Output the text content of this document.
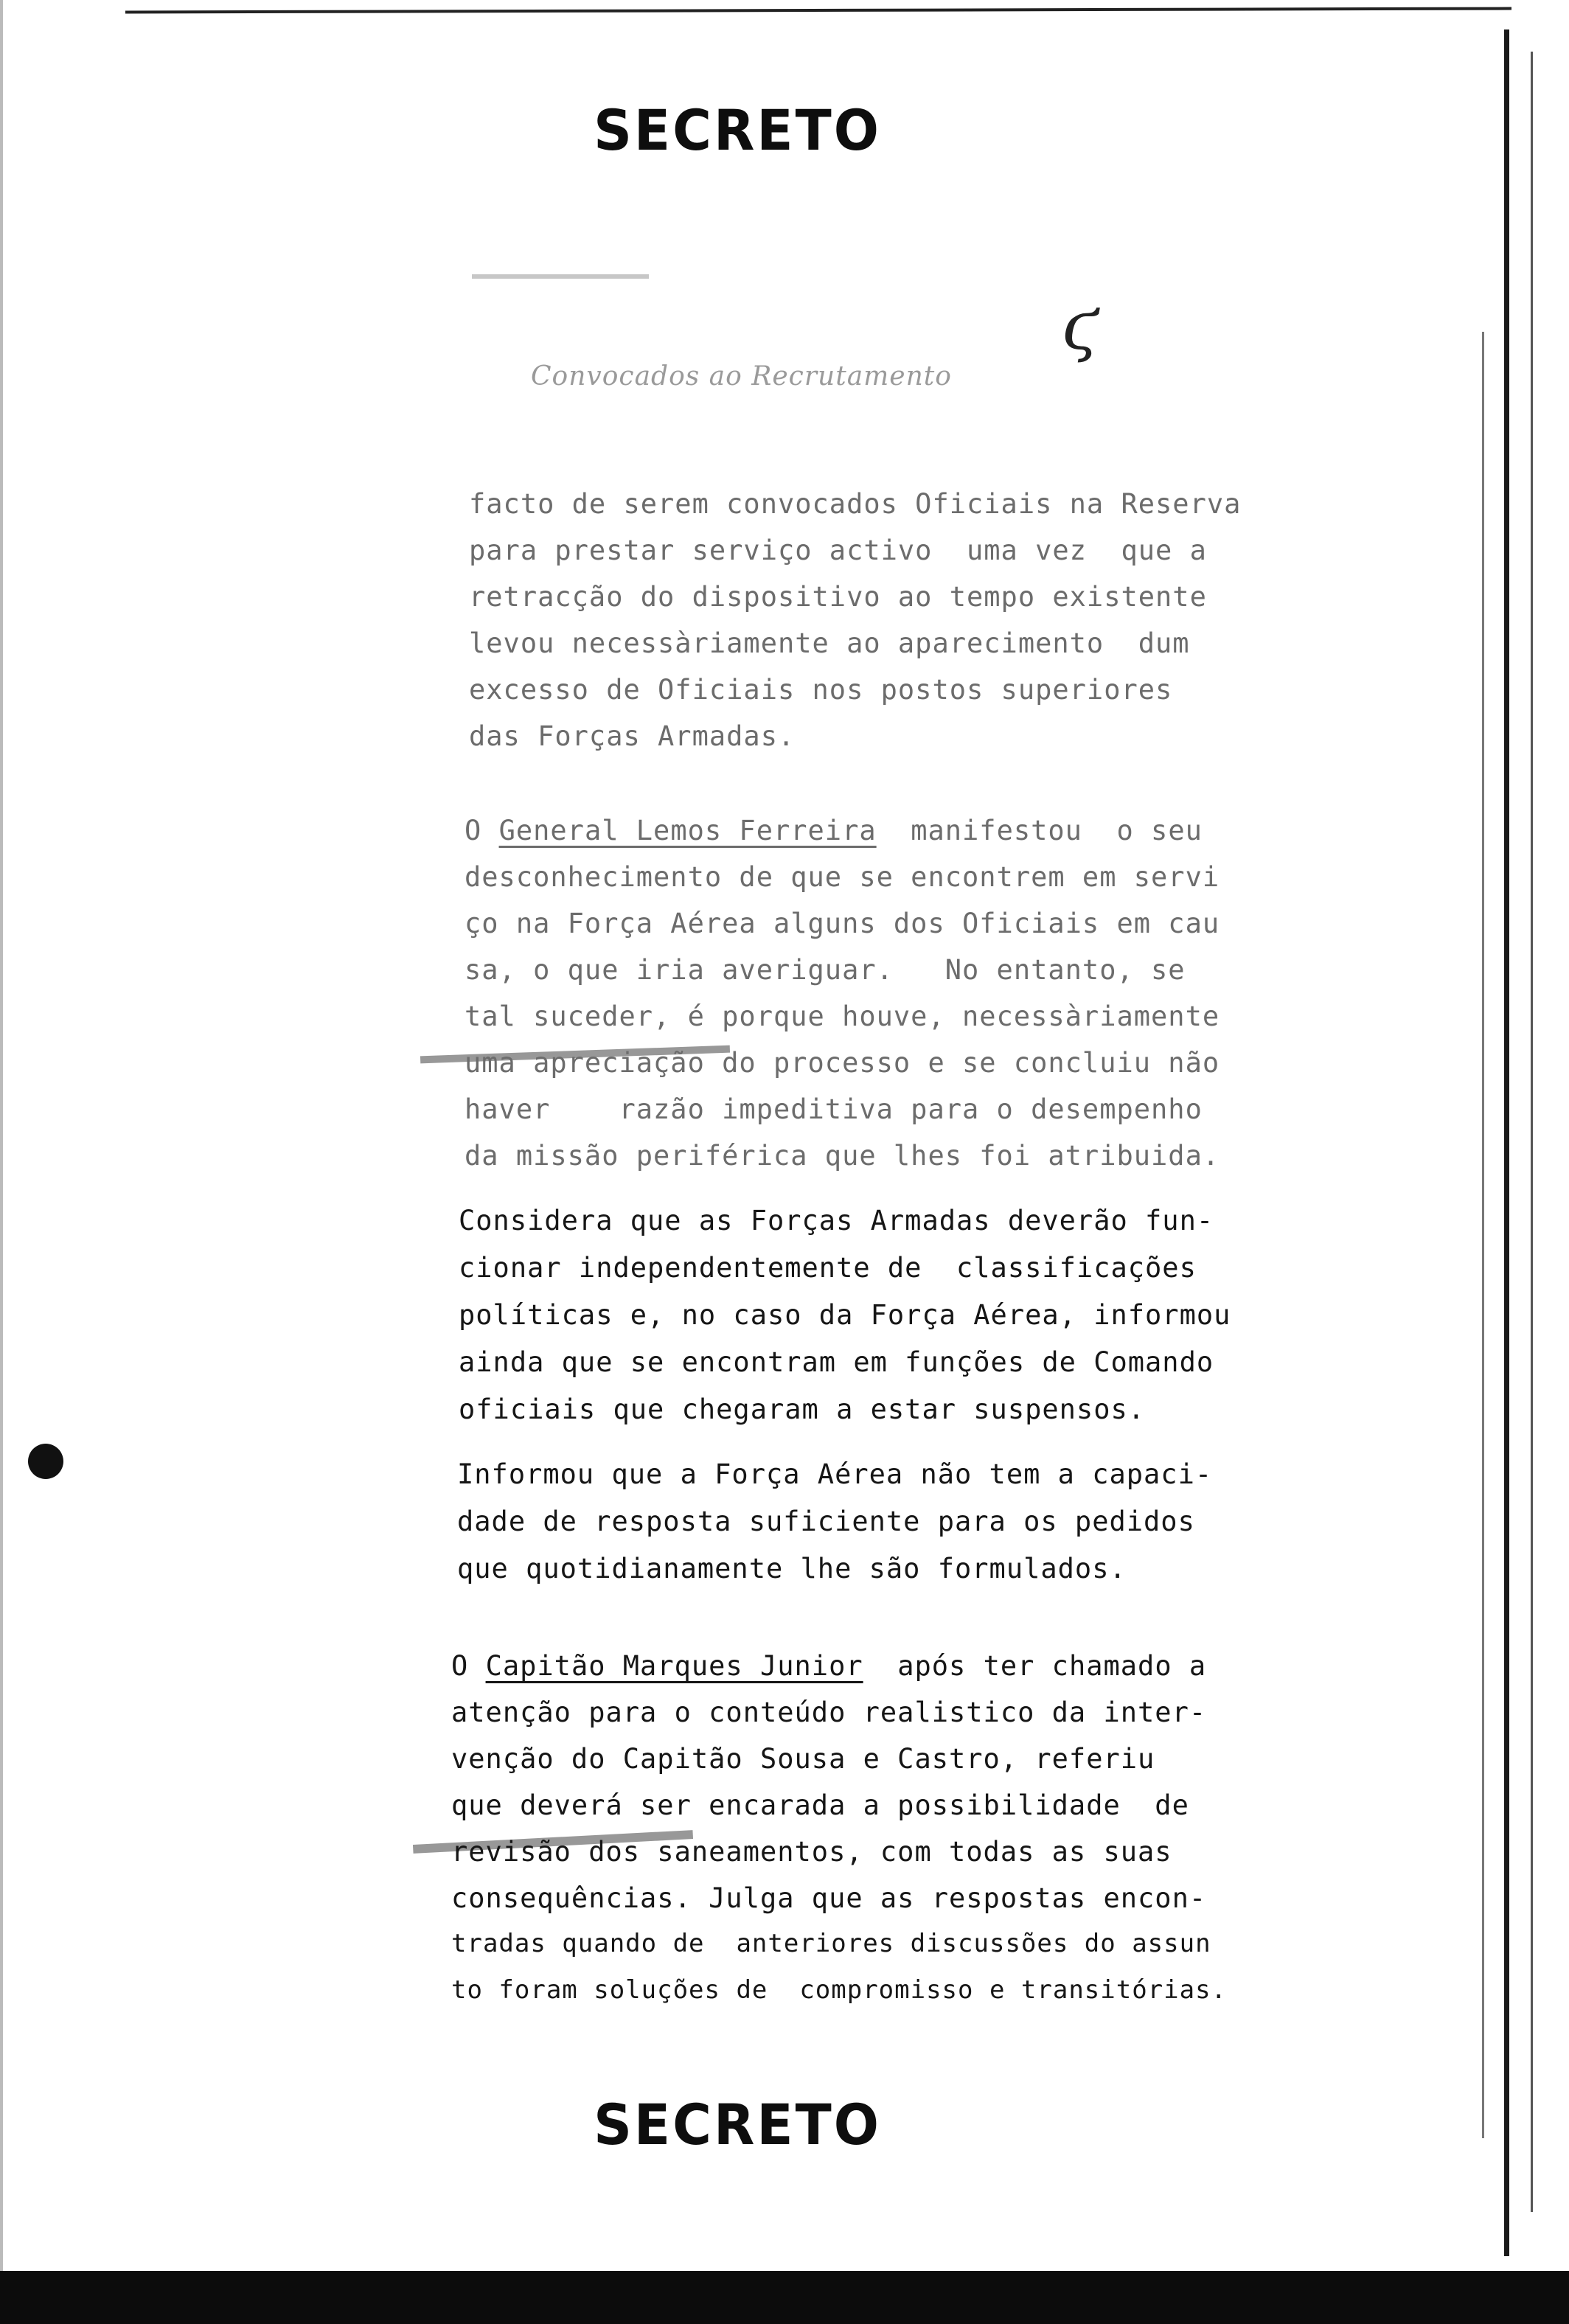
ϛ
SECRETO
SECRETO
Convocados ao Recrutamento
facto de serem convocados Oficiais na Reserva
para prestar serviço activo  uma vez  que a
retracção do dispositivo ao tempo existente
levou necessàriamente ao aparecimento  dum
excesso de Oficiais nos postos superiores
das Forças Armadas.
O General Lemos Ferreira  manifestou  o seu
desconhecimento de que se encontrem em servi
ço na Força Aérea alguns dos Oficiais em cau
sa, o que iria averiguar.   No entanto, se
tal suceder, é porque houve, necessàriamente
uma apreciação do processo e se concluiu não
haver    razão impeditiva para o desempenho
da missão periférica que lhes foi atribuida.
Considera que as Forças Armadas deverão fun-
cionar independentemente de  classificações
políticas e, no caso da Força Aérea, informou
ainda que se encontram em funções de Comando
oficiais que chegaram a estar suspensos.
Informou que a Força Aérea não tem a capaci-
dade de resposta suficiente para os pedidos
que quotidianamente lhe são formulados.
O Capitão Marques Junior  após ter chamado a
atenção para o conteúdo realistico da inter-
venção do Capitão Sousa e Castro, referiu
que deverá ser encarada a possibilidade  de
revisão dos saneamentos, com todas as suas
consequências. Julga que as respostas encon-
tradas quando de  anteriores discussões do assun
to foram soluções de  compromisso e transitórias.
